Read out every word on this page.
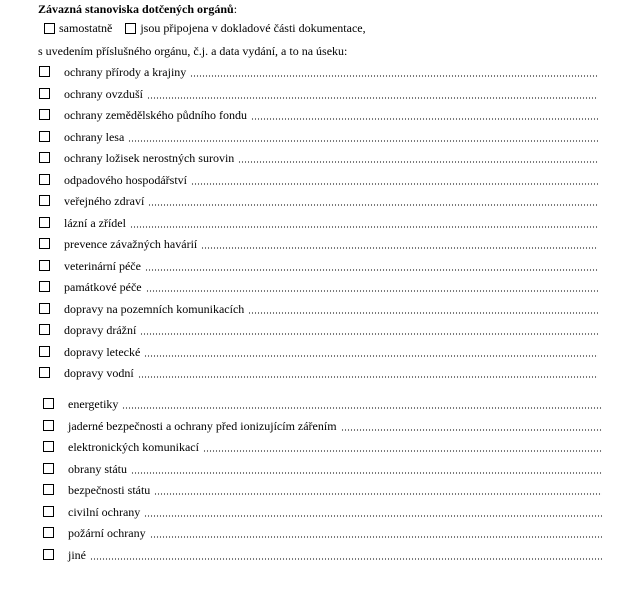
Závazná stanoviska dotčených orgánů:
samostatně jsou připojena v dokladové části dokumentace,
s uvedením příslušného orgánu, č.j. a data vydání, a to na úseku:
ochrany přírody a krajiny
ochrany ovzduší
ochrany zemědělského půdního fondu
ochrany lesa
ochrany ložisek nerostných surovin
odpadového hospodářství
veřejného zdraví
lázní a zřídel
prevence závažných havárií
veterinární péče
památkové péče
dopravy na pozemních komunikacích
dopravy drážní
dopravy letecké
dopravy vodní
energetiky
jaderné bezpečnosti a ochrany před ionizujícím zářením
elektronických komunikací
obrany státu
bezpečnosti státu
civilní ochrany
požární ochrany
jiné
